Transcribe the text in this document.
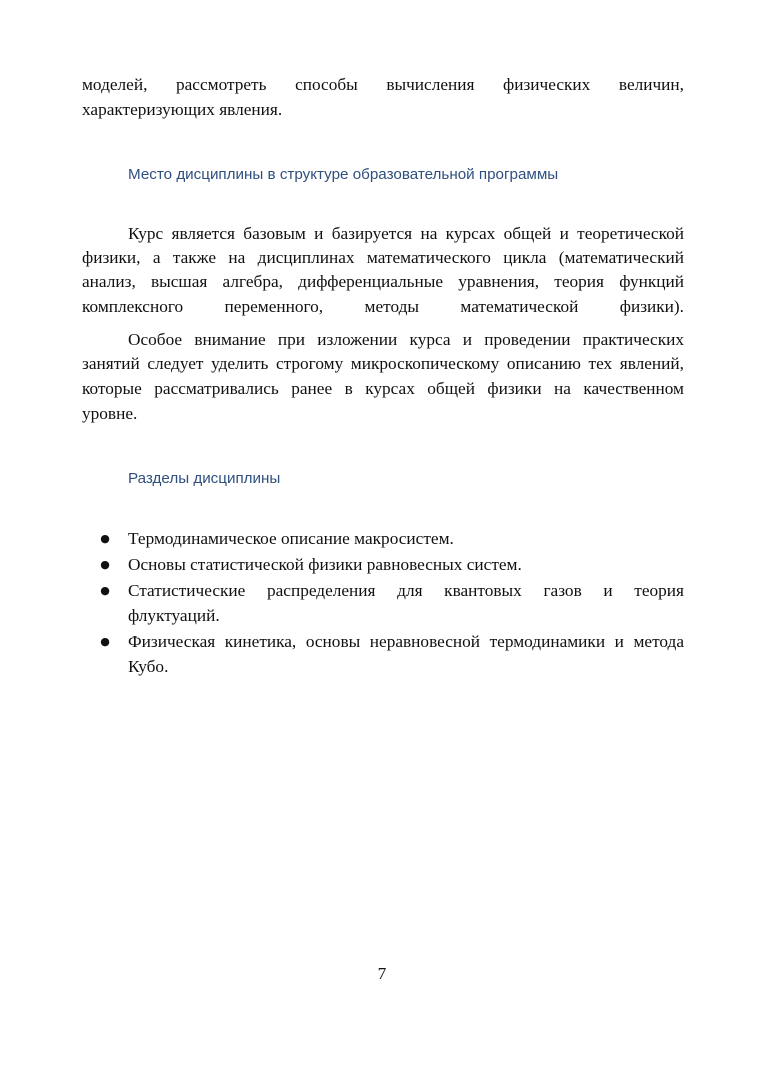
моделей, рассмотреть способы вычисления физических величин,
характеризующих явления.
Место дисциплины в структуре образовательной программы
Курс является базовым и базируется на курсах общей и теоретической
физики, а также на дисциплинах математического цикла (математический
анализ, высшая алгебра, дифференциальные уравнения, теория функций
комплексного переменного, методы математической физики).
Особое внимание при изложении курса и проведении практических
занятий следует уделить строгому микроскопическому описанию тех явлений,
которые рассматривались ранее в курсах общей физики на качественном
уровне.
Разделы дисциплины
● Термодинамическое описание макросистем.
● Основы статистической физики равновесных систем.
● Статистические распределения для квантовых газов и теория
флуктуаций.
● Физическая кинетика, основы неравновесной термодинамики и метода
Кубо.
7
